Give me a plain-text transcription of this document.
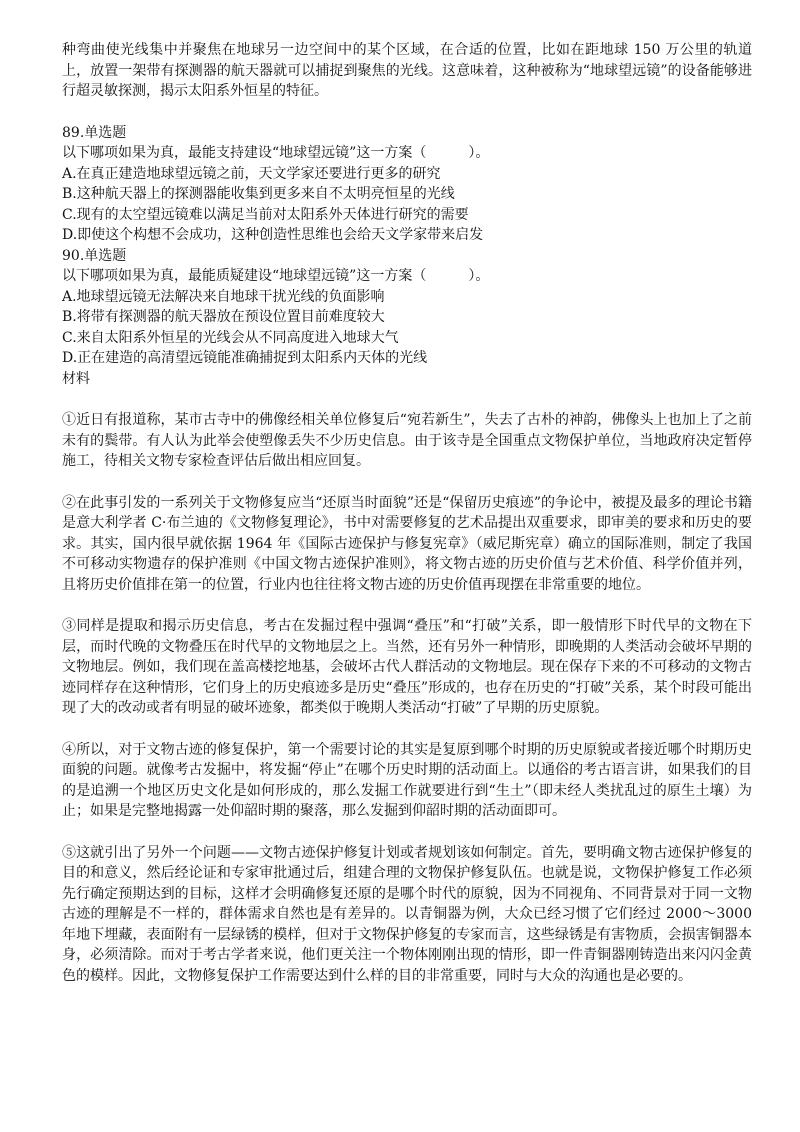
种弯曲使光线集中并聚焦在地球另一边空间中的某个区域，在合适的位置，比如在距地球 150 万公里的轨道上，放置一架带有探测器的航天器就可以捕捉到聚焦的光线。这意味着，这种被称为“地球望远镜”的设备能够进行超灵敏探测，揭示太阳系外恒星的特征。

89.单选题

以下哪项如果为真，最能支持建设“地球望远镜”这一方案（　　　）。

A.在真正建造地球望远镜之前，天文学家还要进行更多的研究

B.这种航天器上的探测器能收集到更多来自不太明亮恒星的光线

C.现有的太空望远镜难以满足当前对太阳系外天体进行研究的需要

D.即使这个构想不会成功，这种创造性思维也会给天文学家带来启发

90.单选题

以下哪项如果为真，最能质疑建设“地球望远镜”这一方案（　　　）。

A.地球望远镜无法解决来自地球干扰光线的负面影响

B.将带有探测器的航天器放在预设位置目前难度较大

C.来自太阳系外恒星的光线会从不同高度进入地球大气

D.正在建造的高清望远镜能准确捕捉到太阳系内天体的光线

材料

①近日有报道称，某市古寺中的佛像经相关单位修复后“宛若新生”，失去了古朴的神韵，佛像头上也加上了之前未有的鬓带。有人认为此举会使塑像丢失不少历史信息。由于该寺是全国重点文物保护单位，当地政府决定暂停施工，待相关文物专家检查评估后做出相应回复。

②在此事引发的一系列关于文物修复应当“还原当时面貌”还是“保留历史痕迹”的争论中，被提及最多的理论书籍是意大利学者 C·布兰迪的《文物修复理论》，书中对需要修复的艺术品提出双重要求，即审美的要求和历史的要求。其实，国内很早就依据 1964 年《国际古迹保护与修复宪章》（威尼斯宪章）确立的国际准则，制定了我国不可移动实物遗存的保护准则《中国文物古迹保护准则》，将文物古迹的历史价值与艺术价值、科学价值并列，且将历史价值排在第一的位置，行业内也往往将文物古迹的历史价值再现摆在非常重要的地位。

③同样是提取和揭示历史信息，考古在发掘过程中强调“叠压”和“打破”关系，即一般情形下时代早的文物在下层，而时代晚的文物叠压在时代早的文物地层之上。当然，还有另外一种情形，即晚期的人类活动会破坏早期的文物地层。例如，我们现在盖高楼挖地基，会破坏古代人群活动的文物地层。现在保存下来的不可移动的文物古迹同样存在这种情形，它们身上的历史痕迹多是历史“叠压”形成的，也存在历史的“打破”关系，某个时段可能出现了大的改动或者有明显的破坏迹象，都类似于晚期人类活动“打破”了早期的历史原貌。

④所以，对于文物古迹的修复保护，第一个需要讨论的其实是复原到哪个时期的历史原貌或者接近哪个时期历史面貌的问题。就像考古发掘中，将发掘“停止”在哪个历史时期的活动面上。以通俗的考古语言讲，如果我们的目的是追溯一个地区历史文化是如何形成的，那么发掘工作就要进行到“生土”（即未经人类扰乱过的原生土壤）为止；如果是完整地揭露一处仰韶时期的聚落，那么发掘到仰韶时期的活动面即可。

⑤这就引出了另外一个问题——文物古迹保护修复计划或者规划该如何制定。首先，要明确文物古迹保护修复的目的和意义，然后经论证和专家审批通过后，组建合理的文物保护修复队伍。也就是说，文物保护修复工作必须先行确定预期达到的目标，这样才会明确修复还原的是哪个时代的原貌，因为不同视角、不同背景对于同一文物古迹的理解是不一样的，群体需求自然也是有差异的。以青铜器为例，大众已经习惯了它们经过 2000～3000 年地下埋藏，表面附有一层绿锈的模样，但对于文物保护修复的专家而言，这些绿锈是有害物质，会损害铜器本身，必须清除。而对于考古学者来说，他们更关注一个物体刚刚出现的情形，即一件青铜器刚铸造出来闪闪金黄色的模样。因此，文物修复保护工作需要达到什么样的目的非常重要，同时与大众的沟通也是必要的。
